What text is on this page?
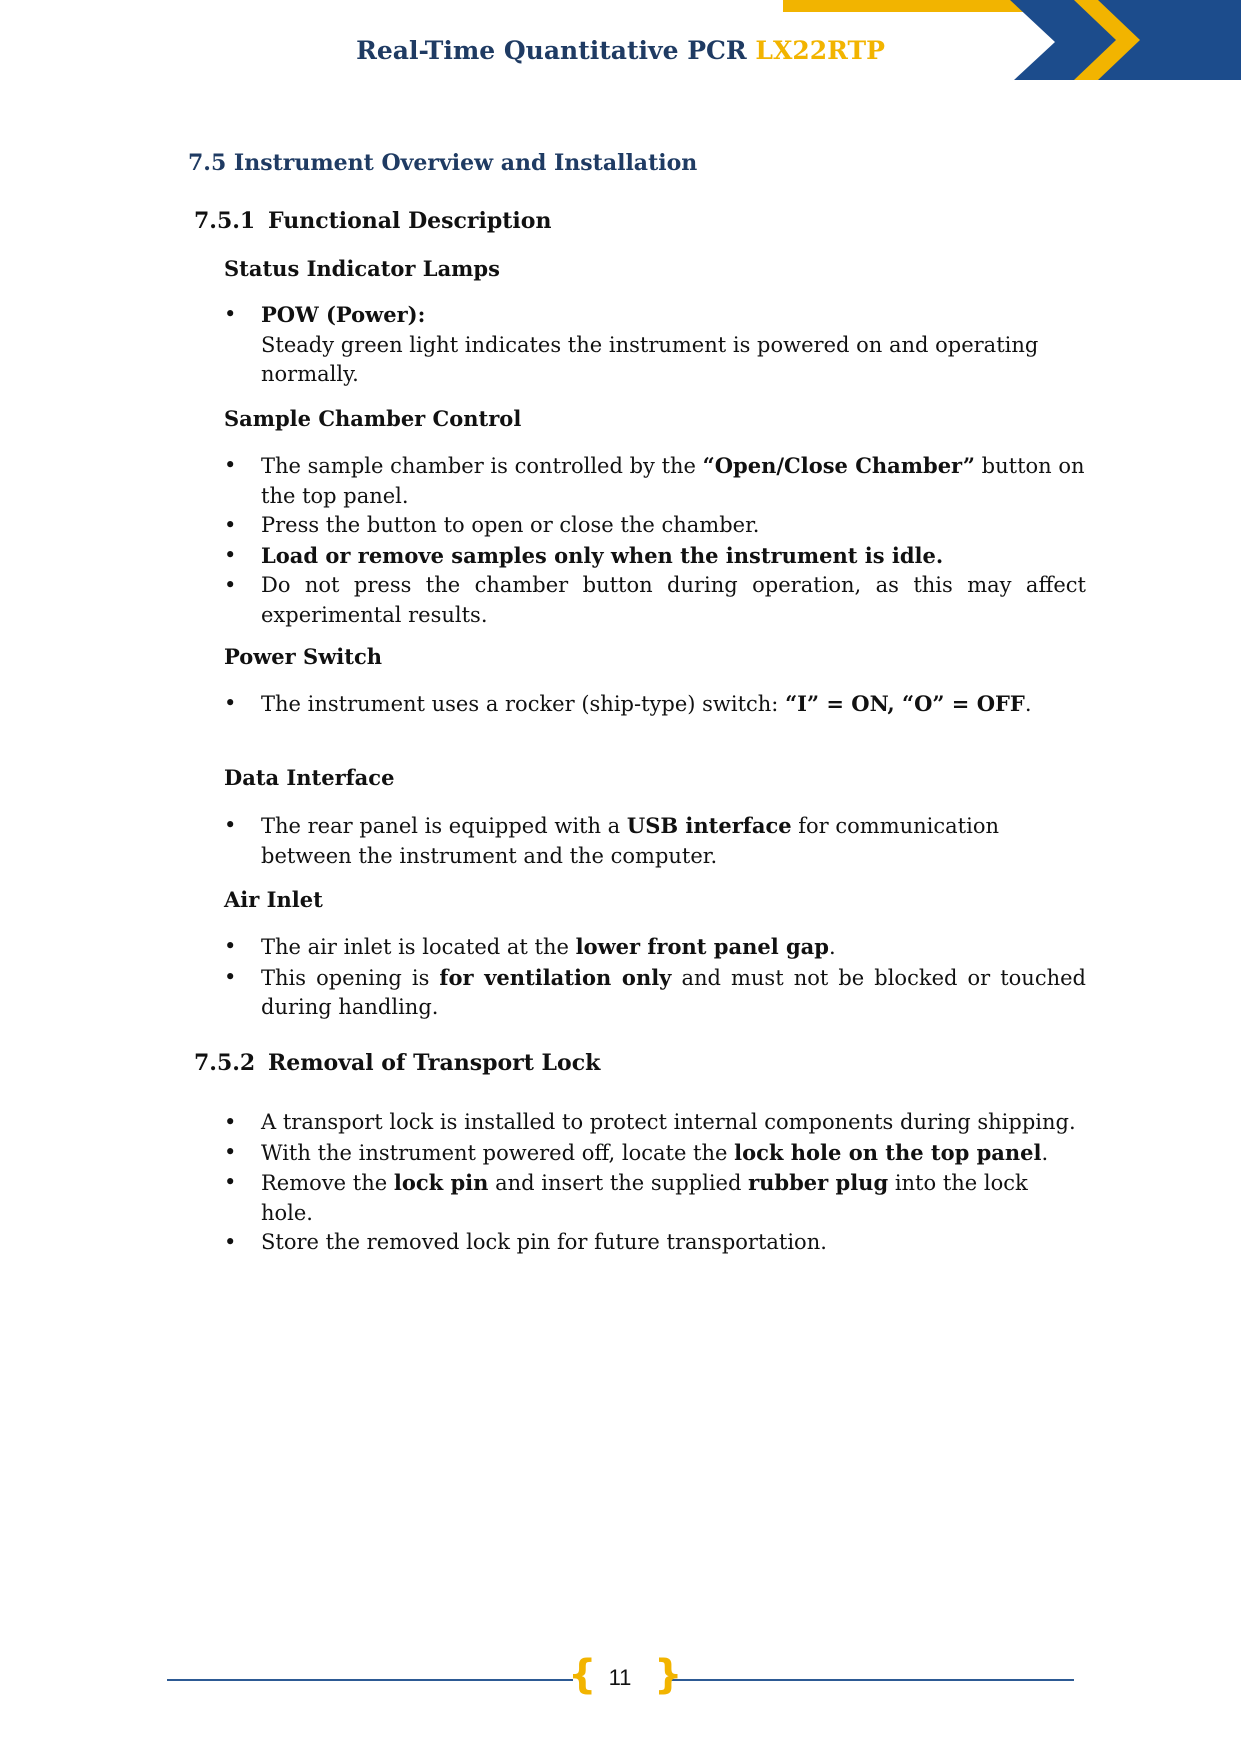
Real-Time Quantitative PCR LX22RTP
7.5 Instrument Overview and Installation
7.5.1 Functional Description
Status Indicator Lamps
• POW (Power):
Steady green light indicates the instrument is powered on and operating normally.
Sample Chamber Control
• The sample chamber is controlled by the “Open/Close Chamber” button on the top panel.
• Press the button to open or close the chamber.
• Load or remove samples only when the instrument is idle.
• Do not press the chamber button during operation, as this may affect experimental results.
Power Switch
• The instrument uses a rocker (ship-type) switch: “I” = ON, “O” = OFF.
Data Interface
• The rear panel is equipped with a USB interface for communication between the instrument and the computer.
Air Inlet
• The air inlet is located at the lower front panel gap.
• This opening is for ventilation only and must not be blocked or touched during handling.
7.5.2 Removal of Transport Lock
• A transport lock is installed to protect internal components during shipping.
• With the instrument powered off, locate the lock hole on the top panel.
• Remove the lock pin and insert the supplied rubber plug into the lock hole.
• Store the removed lock pin for future transportation.
{ }
11
